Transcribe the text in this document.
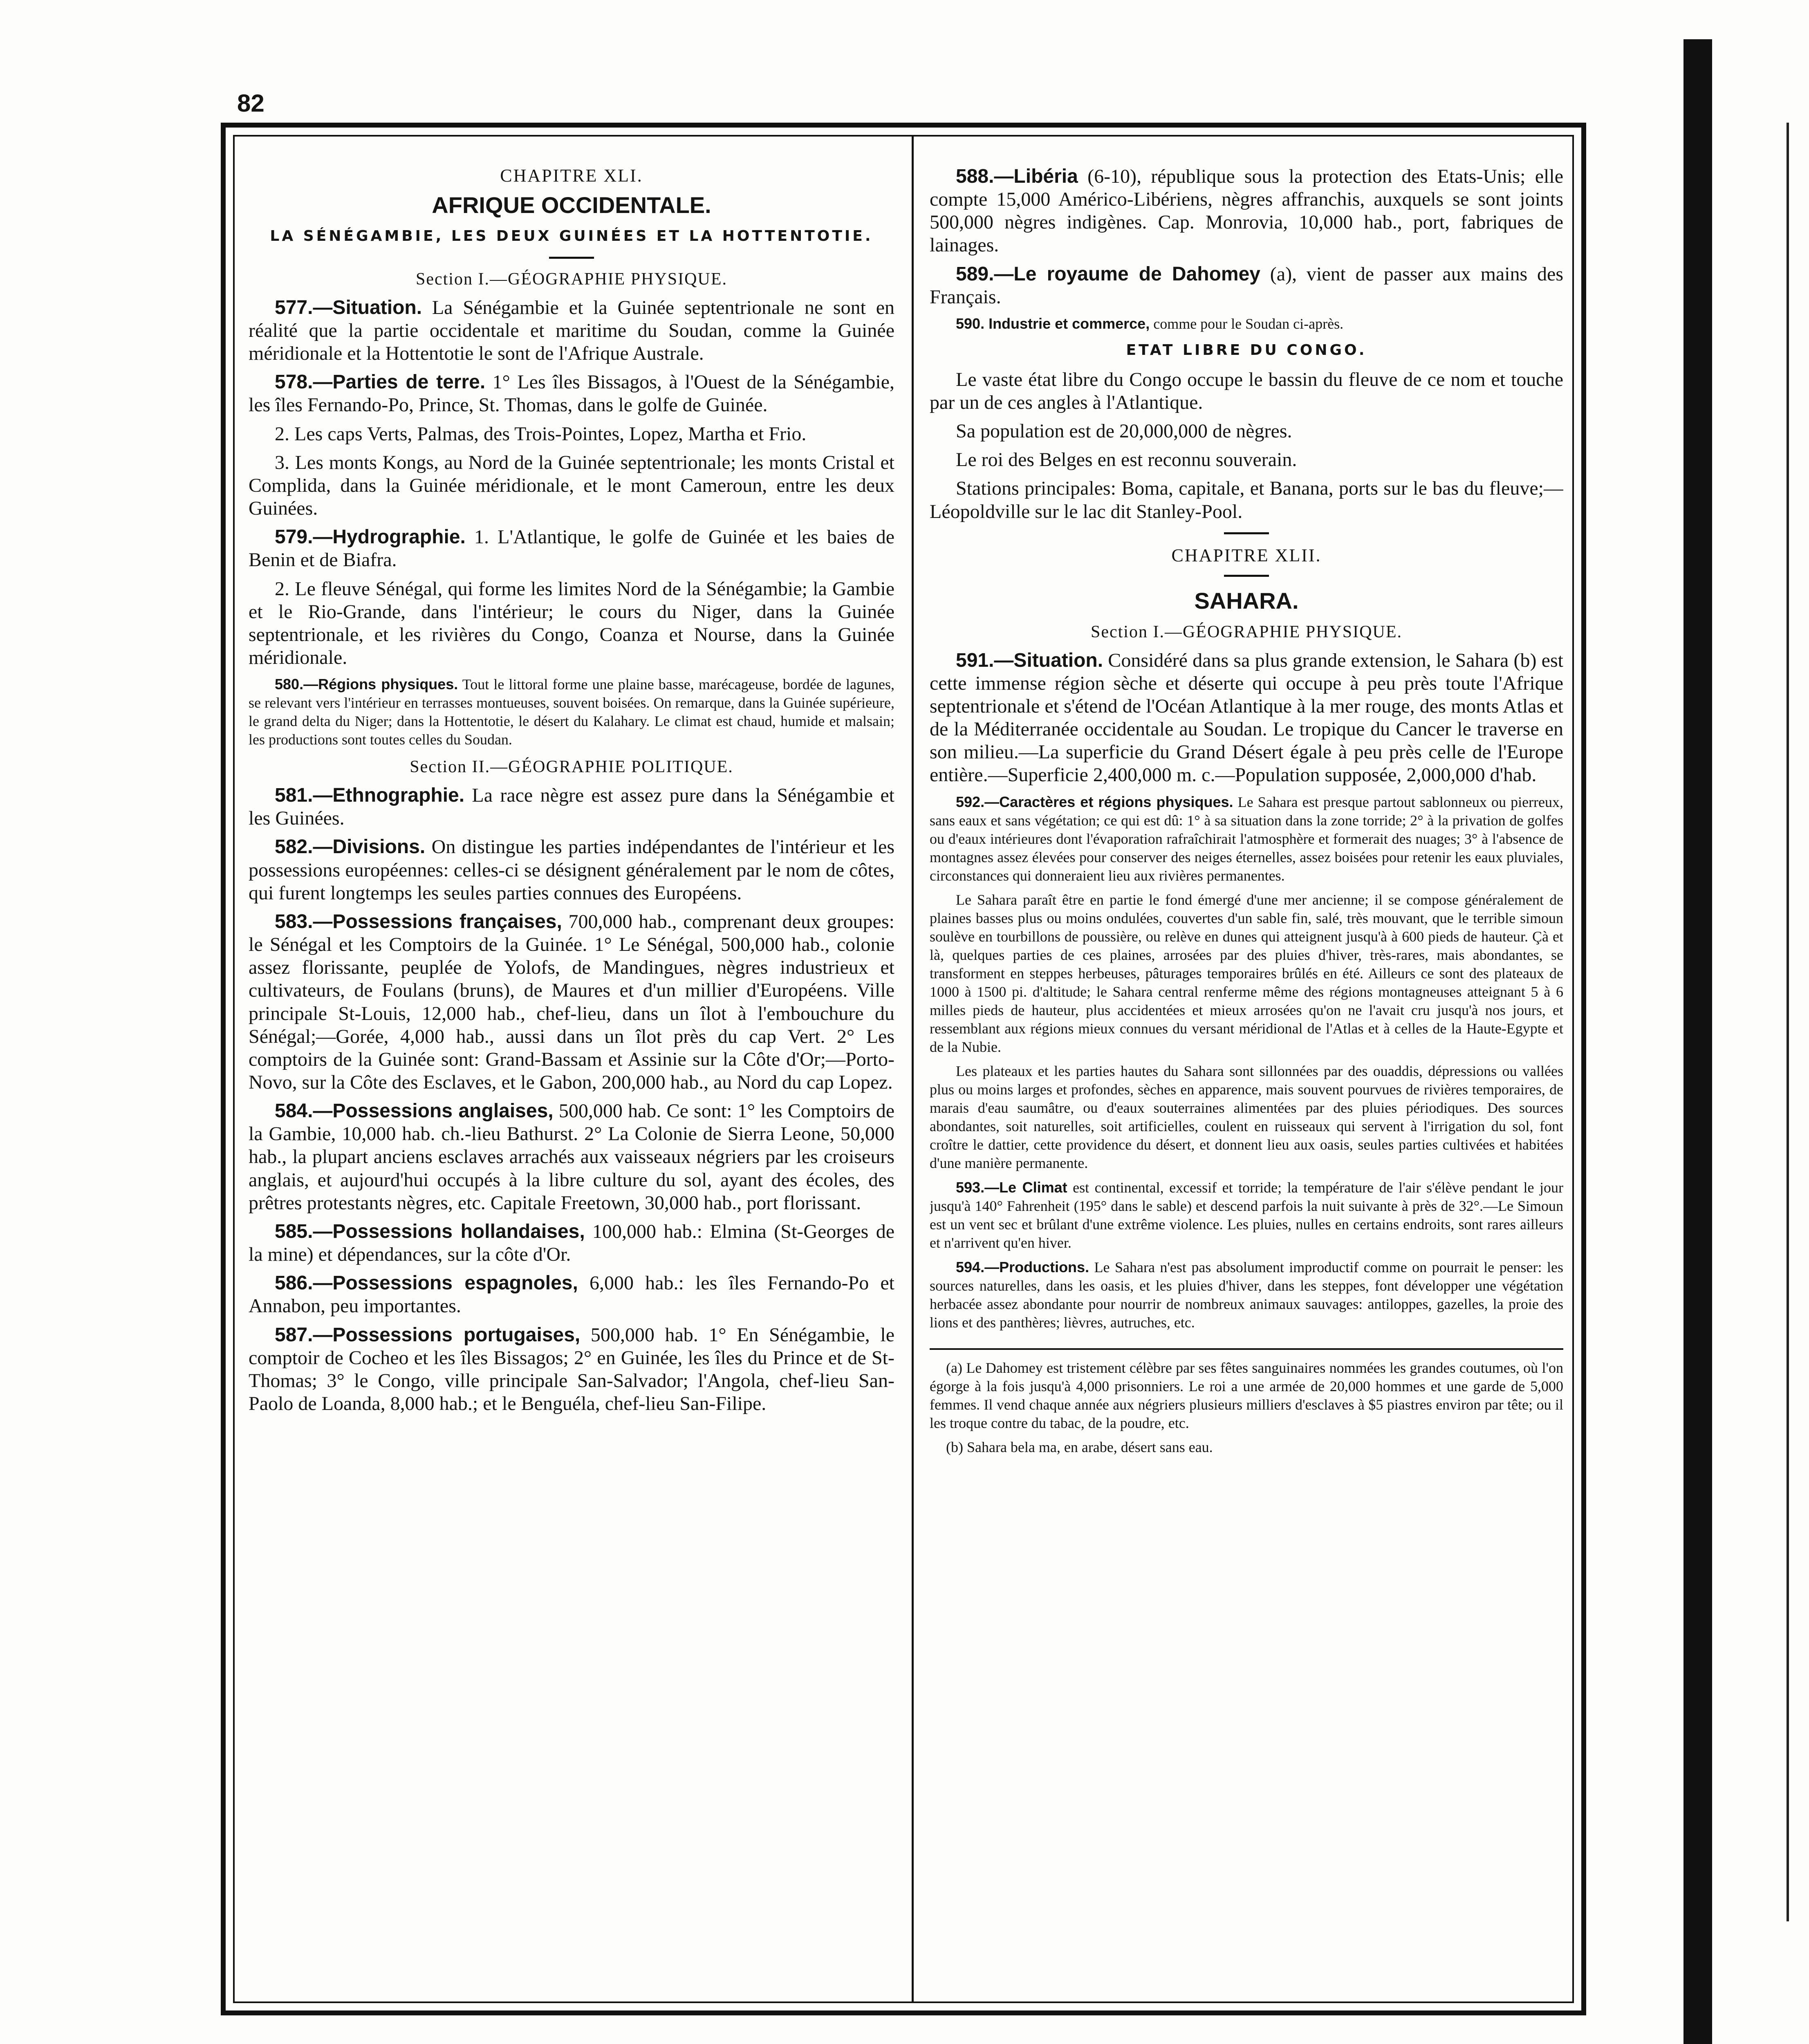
82
CHAPITRE XLI.
AFRIQUE OCCIDENTALE.
LA SÉNÉGAMBIE, LES DEUX GUINÉES ET LA HOTTENTOTIE.
Section I.—GÉOGRAPHIE PHYSIQUE.

577.—Situation. La Sénégambie et la Guinée septentrionale ne sont en réalité que la partie occidentale et maritime du Soudan, comme la Guinée méridionale et la Hottentotie le sont de l'Afrique Australe.

578.—Parties de terre. 1° Les îles Bissagos, à l'Ouest de la Sénégambie, les îles Fernando-Po, Prince, St. Thomas, dans le golfe de Guinée.

2. Les caps Verts, Palmas, des Trois-Pointes, Lopez, Martha et Frio.

3. Les monts Kongs, au Nord de la Guinée septentrionale; les monts Cristal et Complida, dans la Guinée méridionale, et le mont Cameroun, entre les deux Guinées.

579.—Hydrographie. 1. L'Atlantique, le golfe de Guinée et les baies de Benin et de Biafra.

2. Le fleuve Sénégal, qui forme les limites Nord de la Sénégambie; la Gambie et le Rio-Grande, dans l'intérieur; le cours du Niger, dans la Guinée septentrionale, et les rivières du Congo, Coanza et Nourse, dans la Guinée méridionale.

580.—Régions physiques. Tout le littoral forme une plaine basse, marécageuse, bordée de lagunes, se relevant vers l'intérieur en terrasses montueuses, souvent boisées. On remarque, dans la Guinée supérieure, le grand delta du Niger; dans la Hottentotie, le désert du Kalahary. Le climat est chaud, humide et malsain; les productions sont toutes celles du Soudan.

Section II.—GÉOGRAPHIE POLITIQUE.

581.—Ethnographie. La race nègre est assez pure dans la Sénégambie et les Guinées.

582.—Divisions. On distingue les parties indépendantes de l'intérieur et les possessions européennes: celles-ci se désignent généralement par le nom de côtes, qui furent longtemps les seules parties connues des Européens.

583.—Possessions françaises, 700,000 hab., comprenant deux groupes: le Sénégal et les Comptoirs de la Guinée. 1° Le Sénégal, 500,000 hab., colonie assez florissante, peuplée de Yolofs, de Mandingues, nègres industrieux et cultivateurs, de Foulans (bruns), de Maures et d'un millier d'Européens. Ville principale St-Louis, 12,000 hab., chef-lieu, dans un îlot à l'embouchure du Sénégal;—Gorée, 4,000 hab., aussi dans un îlot près du cap Vert. 2° Les comptoirs de la Guinée sont: Grand-Bassam et Assinie sur la Côte d'Or;—Porto-Novo, sur la Côte des Esclaves, et le Gabon, 200,000 hab., au Nord du cap Lopez.

584.—Possessions anglaises, 500,000 hab. Ce sont: 1° les Comptoirs de la Gambie, 10,000 hab. ch.-lieu Bathurst. 2° La Colonie de Sierra Leone, 50,000 hab., la plupart anciens esclaves arrachés aux vaisseaux négriers par les croiseurs anglais, et aujourd'hui occupés à la libre culture du sol, ayant des écoles, des prêtres protestants nègres, etc. Capitale Freetown, 30,000 hab., port florissant.

585.—Possessions hollandaises, 100,000 hab.: Elmina (St-Georges de la mine) et dépendances, sur la côte d'Or.

586.—Possessions espagnoles, 6,000 hab.: les îles Fernando-Po et Annabon, peu importantes.

587.—Possessions portugaises, 500,000 hab. 1° En Sénégambie, le comptoir de Cocheo et les îles Bissagos; 2° en Guinée, les îles du Prince et de St-Thomas; 3° le Congo, ville principale San-Salvador; l'Angola, chef-lieu San-Paolo de Loanda, 8,000 hab.; et le Benguéla, chef-lieu San-Filipe.

588.—Libéria (6-10), république sous la protection des Etats-Unis; elle compte 15,000 Américo-Libériens, nègres affranchis, auxquels se sont joints 500,000 nègres indigènes. Cap. Monrovia, 10,000 hab., port, fabriques de lainages.

589.—Le royaume de Dahomey (a), vient de passer aux mains des Français.

590. Industrie et commerce, comme pour le Soudan ci-après.

ETAT LIBRE DU CONGO.

Le vaste état libre du Congo occupe le bassin du fleuve de ce nom et touche par un de ces angles à l'Atlantique.

Sa population est de 20,000,000 de nègres.

Le roi des Belges en est reconnu souverain.

Stations principales: Boma, capitale, et Banana, ports sur le bas du fleuve;—Léopoldville sur le lac dit Stanley-Pool.

CHAPITRE XLII.
SAHARA.
Section I.—GÉOGRAPHIE PHYSIQUE.

591.—Situation. Considéré dans sa plus grande extension, le Sahara (b) est cette immense région sèche et déserte qui occupe à peu près toute l'Afrique septentrionale et s'étend de l'Océan Atlantique à la mer rouge, des monts Atlas et de la Méditerranée occidentale au Soudan. Le tropique du Cancer le traverse en son milieu.—La superficie du Grand Désert égale à peu près celle de l'Europe entière.—Superficie 2,400,000 m. c.—Population supposée, 2,000,000 d'hab.

592.—Caractères et régions physiques. Le Sahara est presque partout sablonneux ou pierreux, sans eaux et sans végétation; ce qui est dû: 1° à sa situation dans la zone torride; 2° à la privation de golfes ou d'eaux intérieures dont l'évaporation rafraîchirait l'atmosphère et formerait des nuages; 3° à l'absence de montagnes assez élevées pour conserver des neiges éternelles, assez boisées pour retenir les eaux pluviales, circonstances qui donneraient lieu aux rivières permanentes.

Le Sahara paraît être en partie le fond émergé d'une mer ancienne; il se compose généralement de plaines basses plus ou moins ondulées, couvertes d'un sable fin, salé, très mouvant, que le terrible simoun soulève en tourbillons de poussière, ou relève en dunes qui atteignent jusqu'à à 600 pieds de hauteur. Çà et là, quelques parties de ces plaines, arrosées par des pluies d'hiver, très-rares, mais abondantes, se transforment en steppes herbeuses, pâturages temporaires brûlés en été. Ailleurs ce sont des plateaux de 1000 à 1500 pi. d'altitude; le Sahara central renferme même des régions montagneuses atteignant 5 à 6 milles pieds de hauteur, plus accidentées et mieux arrosées qu'on ne l'avait cru jusqu'à nos jours, et ressemblant aux régions mieux connues du versant méridional de l'Atlas et à celles de la Haute-Egypte et de la Nubie.

Les plateaux et les parties hautes du Sahara sont sillonnées par des ouaddis, dépressions ou vallées plus ou moins larges et profondes, sèches en apparence, mais souvent pourvues de rivières temporaires, de marais d'eau saumâtre, ou d'eaux souterraines alimentées par des pluies périodiques. Des sources abondantes, soit naturelles, soit artificielles, coulent en ruisseaux qui servent à l'irrigation du sol, font croître le dattier, cette providence du désert, et donnent lieu aux oasis, seules parties cultivées et habitées d'une manière permanente.

593.—Le Climat est continental, excessif et torride; la température de l'air s'élève pendant le jour jusqu'à 140° Fahrenheit (195° dans le sable) et descend parfois la nuit suivante à près de 32°.—Le Simoun est un vent sec et brûlant d'une extrême violence. Les pluies, nulles en certains endroits, sont rares ailleurs et n'arrivent qu'en hiver.

594.—Productions. Le Sahara n'est pas absolument improductif comme on pourrait le penser: les sources naturelles, dans les oasis, et les pluies d'hiver, dans les steppes, font développer une végétation herbacée assez abondante pour nourrir de nombreux animaux sauvages: antiloppes, gazelles, la proie des lions et des panthères; lièvres, autruches, etc.

(a) Le Dahomey est tristement célèbre par ses fêtes sanguinaires nommées les grandes coutumes, où l'on égorge à la fois jusqu'à 4,000 prisonniers. Le roi a une armée de 20,000 hommes et une garde de 5,000 femmes. Il vend chaque année aux négriers plusieurs milliers d'esclaves à $5 piastres environ par tête; ou il les troque contre du tabac, de la poudre, etc.

(b) Sahara bela ma, en arabe, désert sans eau.
